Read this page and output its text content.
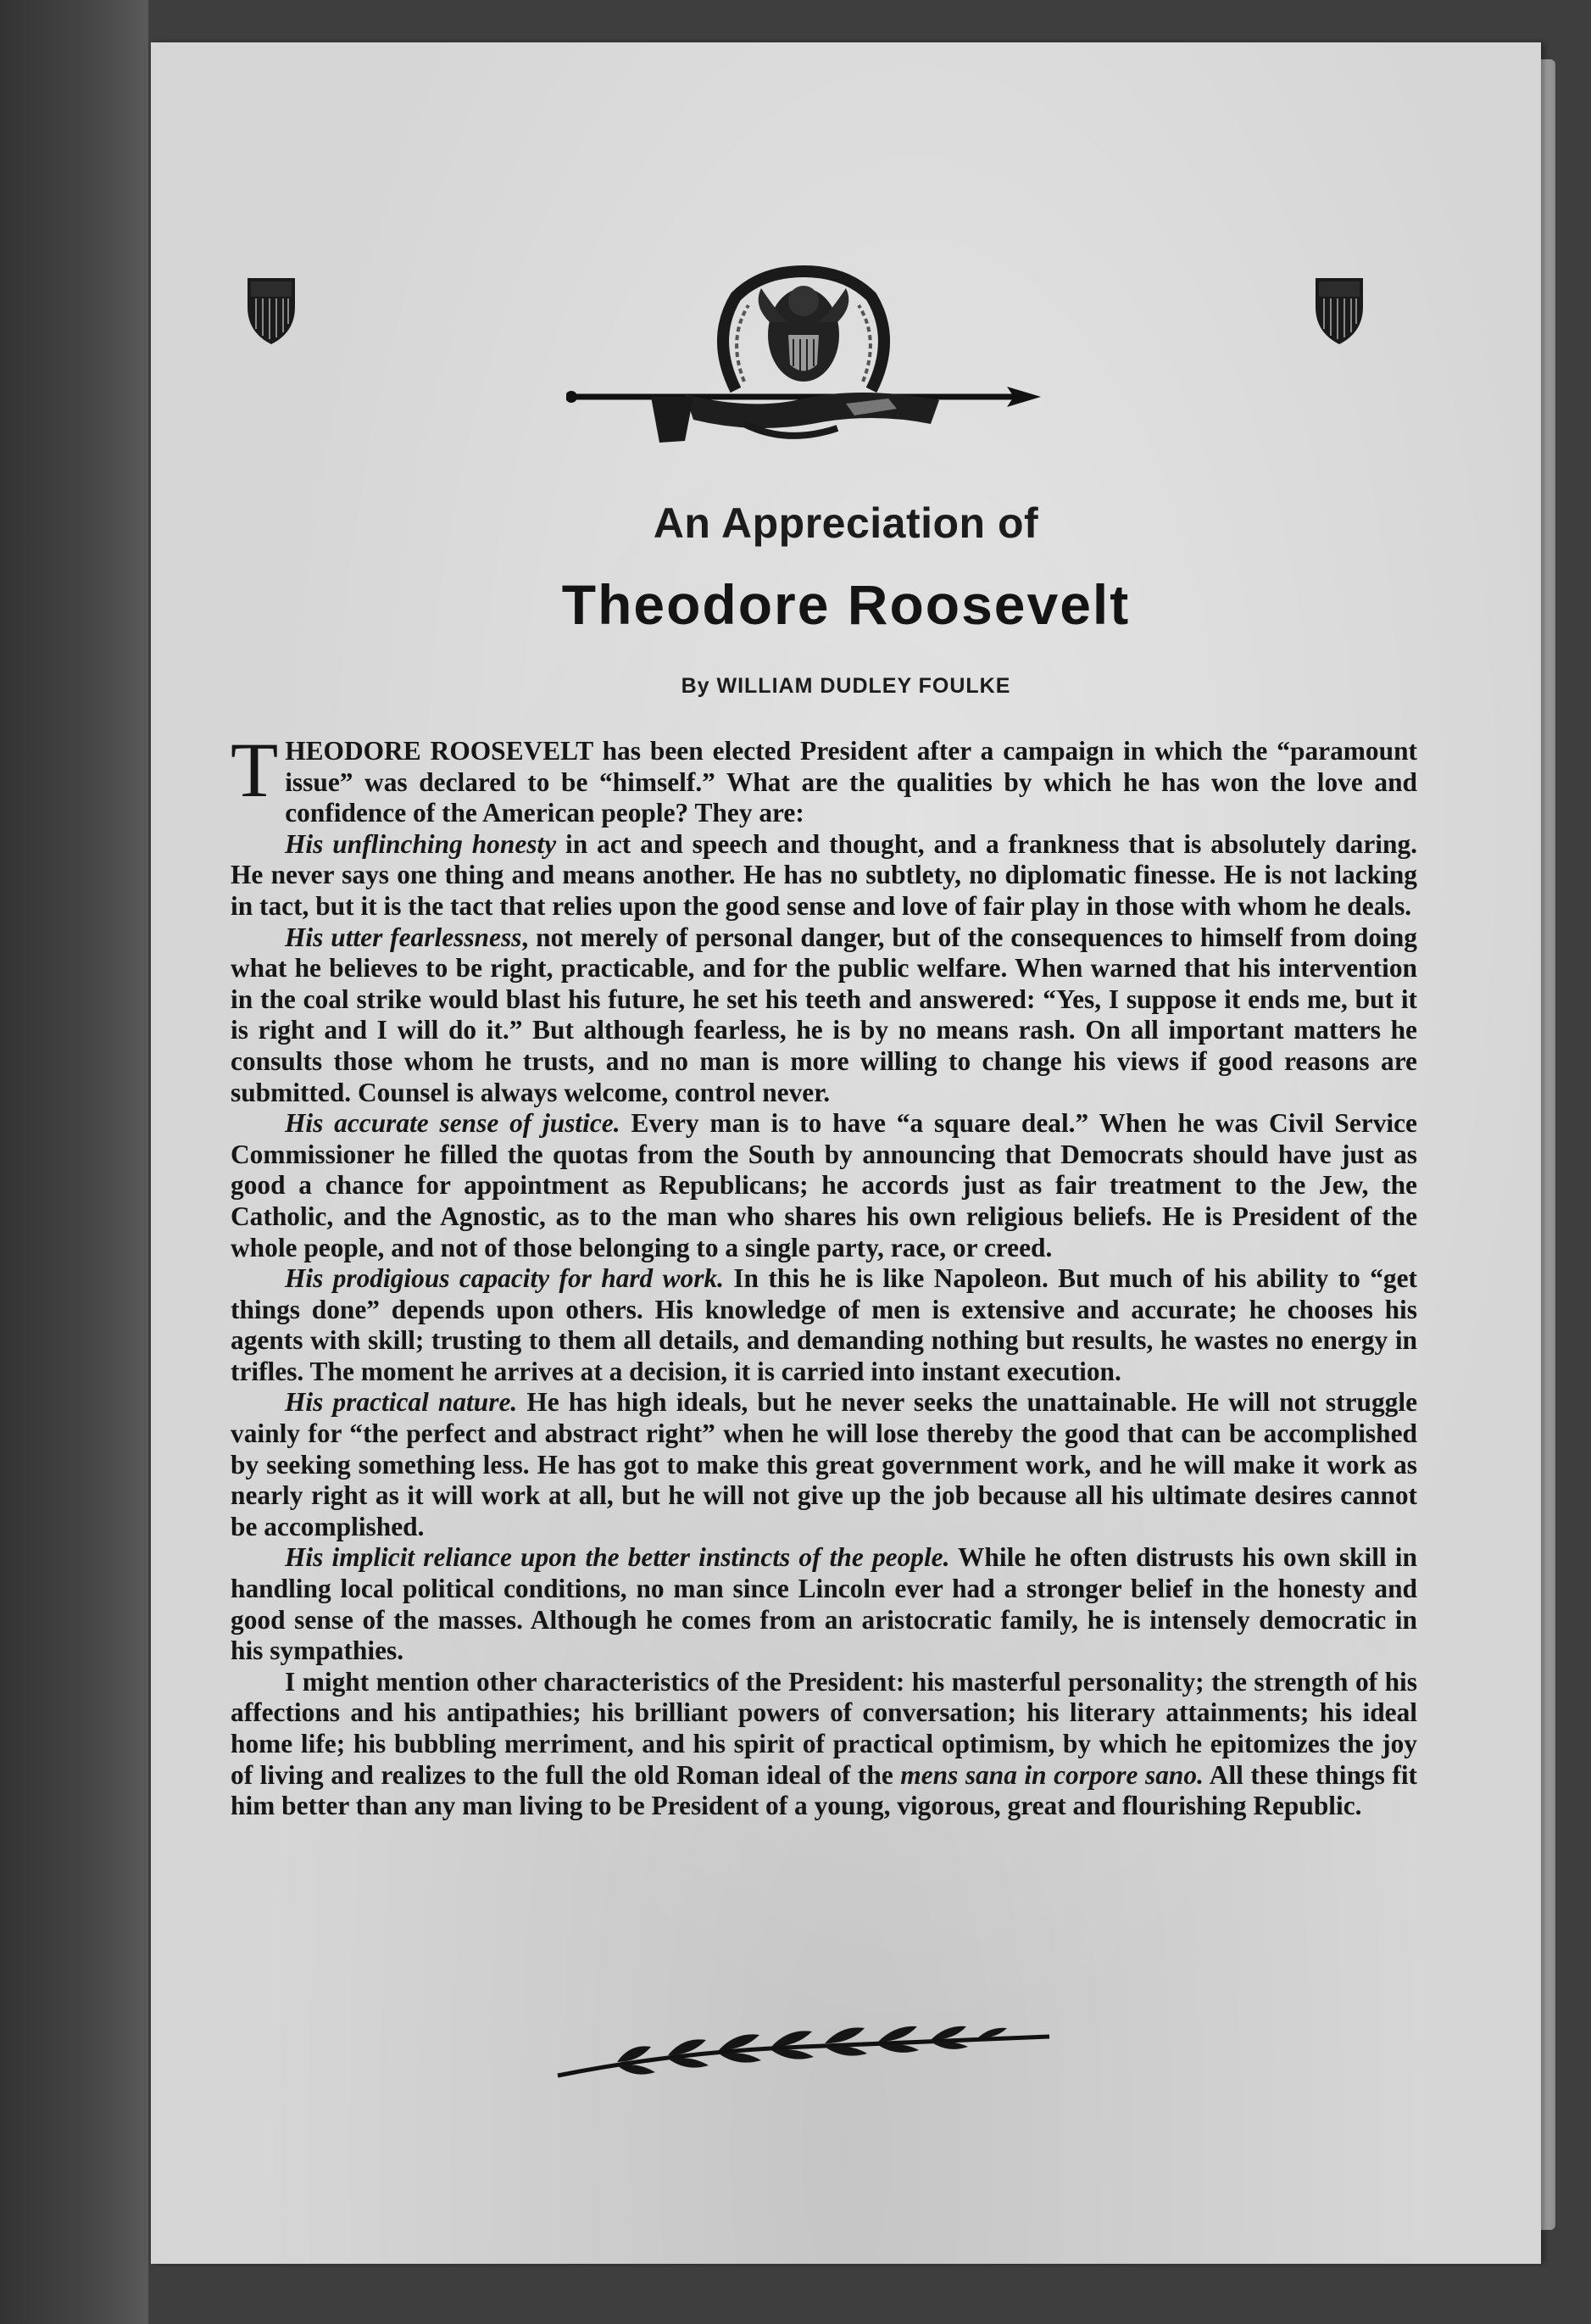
An Appreciation of
Theodore Roosevelt
By WILLIAM DUDLEY FOULKE

THEODORE ROOSEVELT has been elected President after a campaign in which the “paramount issue” was declared to be “himself.” What are the qualities by which he has won the love and confidence of the American people? They are:

His unflinching honesty in act and speech and thought, and a frankness that is absolutely daring. He never says one thing and means another. He has no subtlety, no diplomatic finesse. He is not lacking in tact, but it is the tact that relies upon the good sense and love of fair play in those with whom he deals.

His utter fearlessness, not merely of personal danger, but of the consequences to himself from doing what he believes to be right, practicable, and for the public welfare. When warned that his intervention in the coal strike would blast his future, he set his teeth and answered: “Yes, I suppose it ends me, but it is right and I will do it.” But although fearless, he is by no means rash. On all important matters he consults those whom he trusts, and no man is more willing to change his views if good reasons are submitted. Counsel is always welcome, control never.

His accurate sense of justice. Every man is to have “a square deal.” When he was Civil Service Commissioner he filled the quotas from the South by announcing that Democrats should have just as good a chance for appointment as Republicans; he accords just as fair treatment to the Jew, the Catholic, and the Agnostic, as to the man who shares his own religious beliefs. He is President of the whole people, and not of those belonging to a single party, race, or creed.

His prodigious capacity for hard work. In this he is like Napoleon. But much of his ability to “get things done” depends upon others. His knowledge of men is extensive and accurate; he chooses his agents with skill; trusting to them all details, and demanding nothing but results, he wastes no energy in trifles. The moment he arrives at a decision, it is carried into instant execution.

His practical nature. He has high ideals, but he never seeks the unattainable. He will not struggle vainly for “the perfect and abstract right” when he will lose thereby the good that can be accomplished by seeking something less. He has got to make this great government work, and he will make it work as nearly right as it will work at all, but he will not give up the job because all his ultimate desires cannot be accomplished.

His implicit reliance upon the better instincts of the people. While he often distrusts his own skill in handling local political conditions, no man since Lincoln ever had a stronger belief in the honesty and good sense of the masses. Although he comes from an aristocratic family, he is intensely democratic in his sympathies.

I might mention other characteristics of the President: his masterful personality; the strength of his affections and his antipathies; his brilliant powers of conversation; his literary attainments; his ideal home life; his bubbling merriment, and his spirit of practical optimism, by which he epitomizes the joy of living and realizes to the full the old Roman ideal of the mens sana in corpore sano. All these things fit him better than any man living to be President of a young, vigorous, great and flourishing Republic.
